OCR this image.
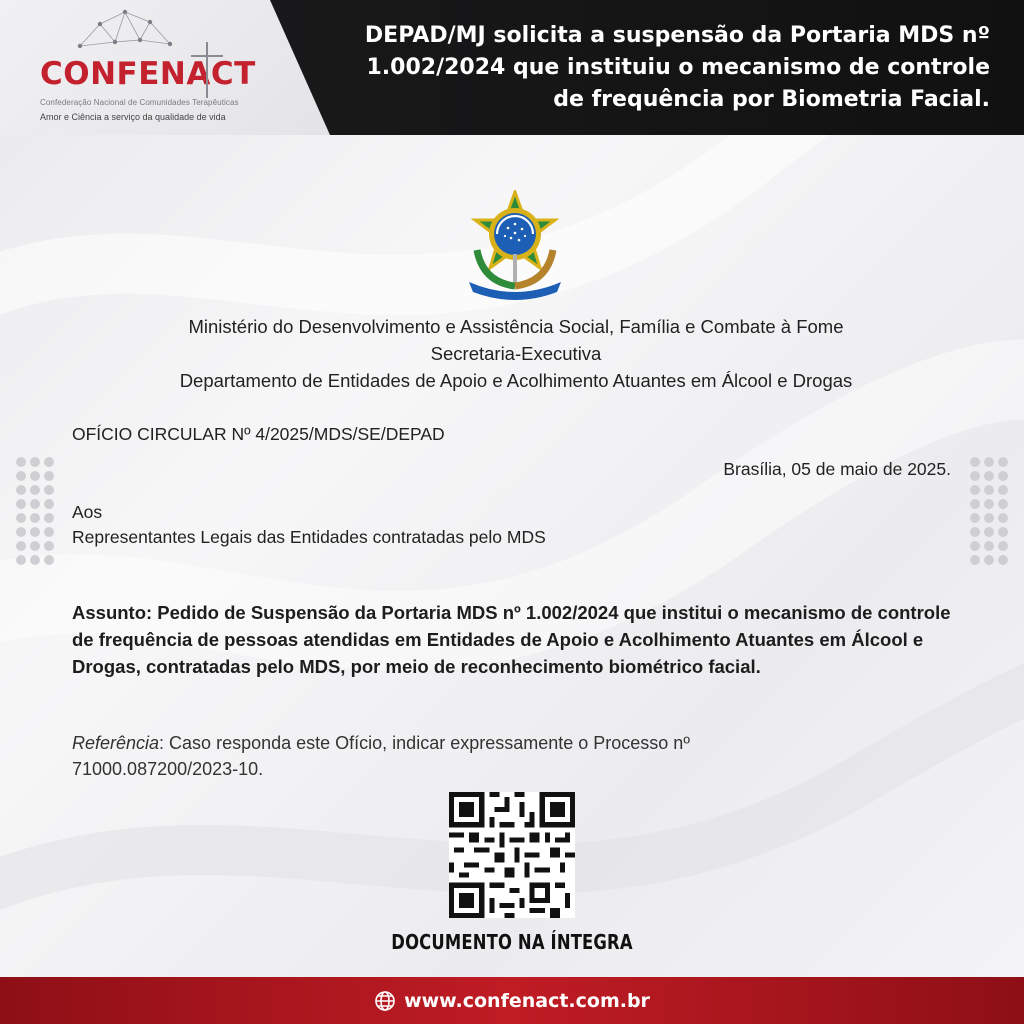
DEPAD/MJ solicita a suspensão da Portaria MDS nº 1.002/2024 que instituiu o mecanismo de controle de frequência por Biometria Facial.
CONFENACT
Confederação Nacional de Comunidades Terapêuticas
Amor e Ciência a serviço da qualidade de vida
Ministério do Desenvolvimento e Assistência Social, Família e Combate à Fome
Secretaria-Executiva
Departamento de Entidades de Apoio e Acolhimento Atuantes em Álcool e Drogas
OFÍCIO CIRCULAR Nº 4/2025/MDS/SE/DEPAD
Brasília, 05 de maio de 2025.
Aos
Representantes Legais das Entidades contratadas pelo MDS
Assunto: Pedido de Suspensão da Portaria MDS nº 1.002/2024 que institui o mecanismo de controle de frequência de pessoas atendidas em Entidades de Apoio e Acolhimento Atuantes em Álcool e Drogas, contratadas pelo MDS, por meio de reconhecimento biométrico facial.
Referência: Caso responda este Ofício, indicar expressamente o Processo nº 71000.087200/2023-10.
DOCUMENTO NA ÍNTEGRA
www.confenact.com.br
